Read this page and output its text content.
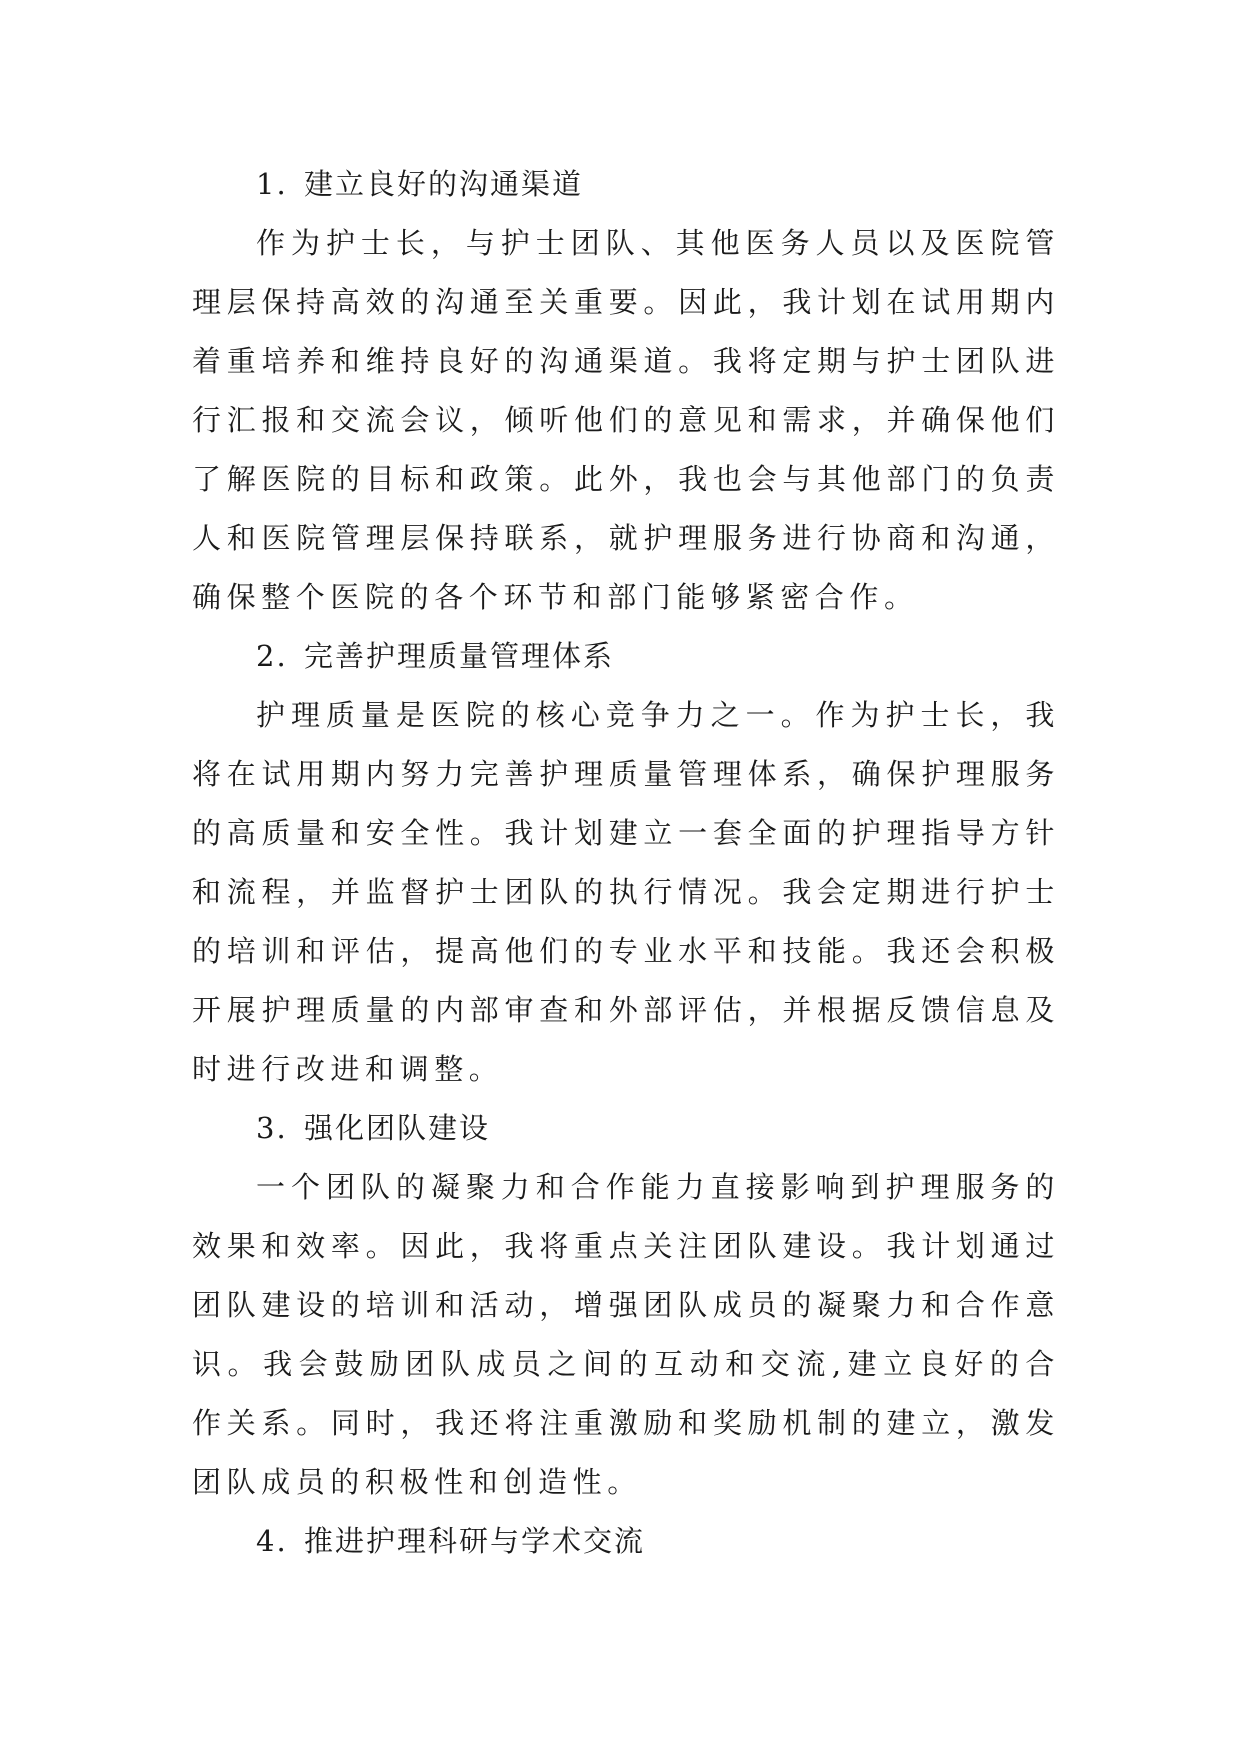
1. 建立良好的沟通渠道

作为护士长，与护士团队、其他医务人员以及医院管理层保持高效的沟通至关重要。因此，我计划在试用期内着重培养和维持良好的沟通渠道。我将定期与护士团队进行汇报和交流会议，倾听他们的意见和需求，并确保他们了解医院的目标和政策。此外，我也会与其他部门的负责人和医院管理层保持联系，就护理服务进行协商和沟通，确保整个医院的各个环节和部门能够紧密合作。

2. 完善护理质量管理体系

护理质量是医院的核心竞争力之一。作为护士长，我将在试用期内努力完善护理质量管理体系，确保护理服务的高质量和安全性。我计划建立一套全面的护理指导方针和流程，并监督护士团队的执行情况。我会定期进行护士的培训和评估，提高他们的专业水平和技能。我还会积极开展护理质量的内部审查和外部评估，并根据反馈信息及时进行改进和调整。

3. 强化团队建设

一个团队的凝聚力和合作能力直接影响到护理服务的效果和效率。因此，我将重点关注团队建设。我计划通过团队建设的培训和活动，增强团队成员的凝聚力和合作意识。我会鼓励团队成员之间的互动和交流,建立良好的合作关系。同时，我还将注重激励和奖励机制的建立，激发团队成员的积极性和创造性。

4. 推进护理科研与学术交流
